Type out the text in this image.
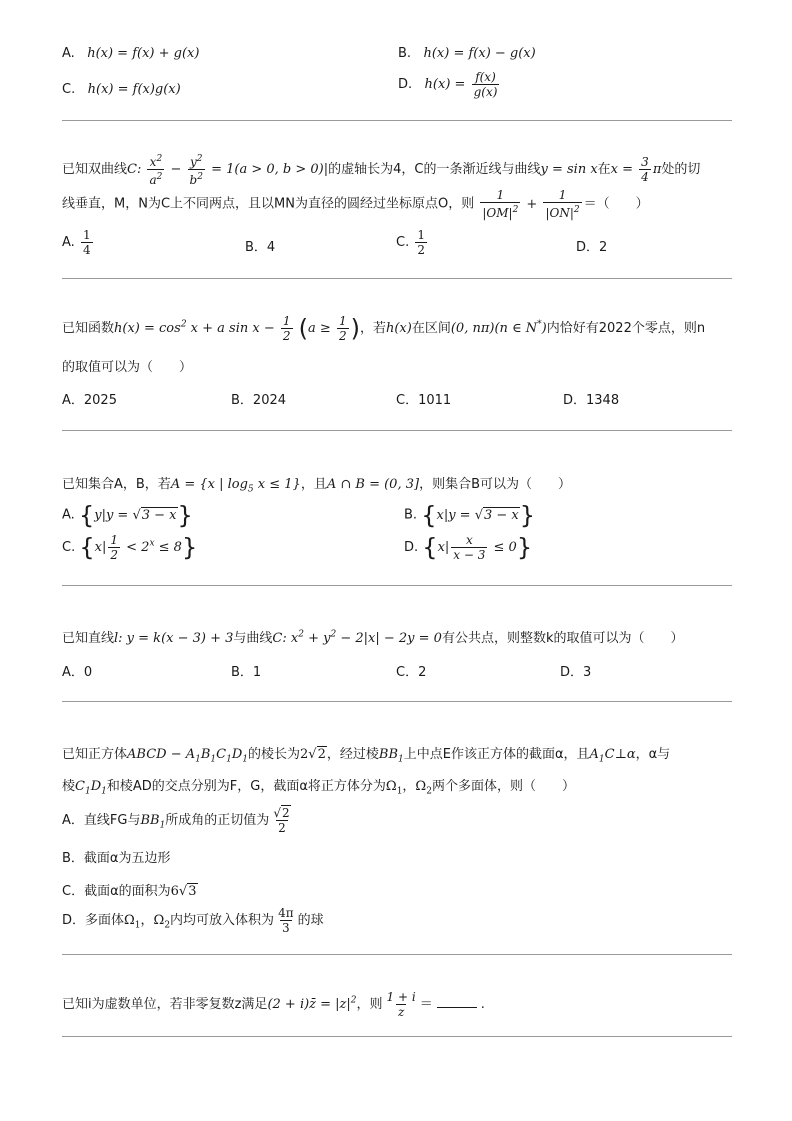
A.   h(x) = f(x) + g(x)	B.   h(x) = f(x) − g(x)
C.   h(x) = f(x)g(x)	D.   $h(x) = \frac{f(x)}{g(x)}$
已知双曲线C: $\frac{x^2}{a^2} - \frac{y^2}{b^2} = 1(a > 0$, b > 0)|的虚轴长为4，C的一条渐近线与曲线y = sin x在$x = \frac{3}{4}$ π处的切
线垂直，M，N为C上不同两点，且以MN为直径的圆经过坐标原点O，则 $\frac{1}{|OM|^2} + \frac{1}{|ON|^2}$ ＝（　　）
A. $\frac{1}{4}$	B．4	C. $\frac{1}{2}$	D．2
已知函数$h(x) = \cos^2 x + a$ $\sin x - \frac{1}{2} (a \ge \frac{1}{2}$ )，若h(x)在区间(0, nπ)(n ∈ N*)内恰好有2022个零点，则n
的取值可以为（　　）
A．2025	B．2024	C．1011	D．1348
已知集合A，B，若A = {x | $\log_5 x \le 1$}，且A ∩ B = (0, 3]，则集合B可以为（　　）
A. {y|y = √3 − x}	B. {x|y = √3 − x}
C. $\{x| \frac{1}{2} < 2^x \le 8\}$	D. $\{x| \frac{x}{x - 3} \le 0\}$
已知直线l: y = k(x − 3) + 3与曲线C: $x^2 + y^2 - 2|x| - 2y = 0$有公共点，则整数k的取值可以为（　　）
A．0	B．1	C．2	D．3
已知正方体ABCD − $A_1B_1C_1D_1$的棱长为2√2，经过棱$BB_1$上中点E作该正方体的截面α，且$A_1C\perp\alpha$，α与
棱$C_1D_1$和棱AD的交点分别为F，G，截面α将正方体分为$\Omega_1$，$\Omega_2$两个多面体，则（　　）
A．直线FG与$BB_1$所成角的正切值为 $\frac{√2}{2}$
B．截面α为五边形
C．截面α的面积为6√3
D．多面体$\Omega_1$，$\Omega_2$内均可放入体积为 $\frac{4\pi}{3}$ 的球
已知i为虚数单位，若非零复数z满足(2 + i)z̄ = $|z|^2$，则 $\frac{1 + i}{z}$ ＝	.
